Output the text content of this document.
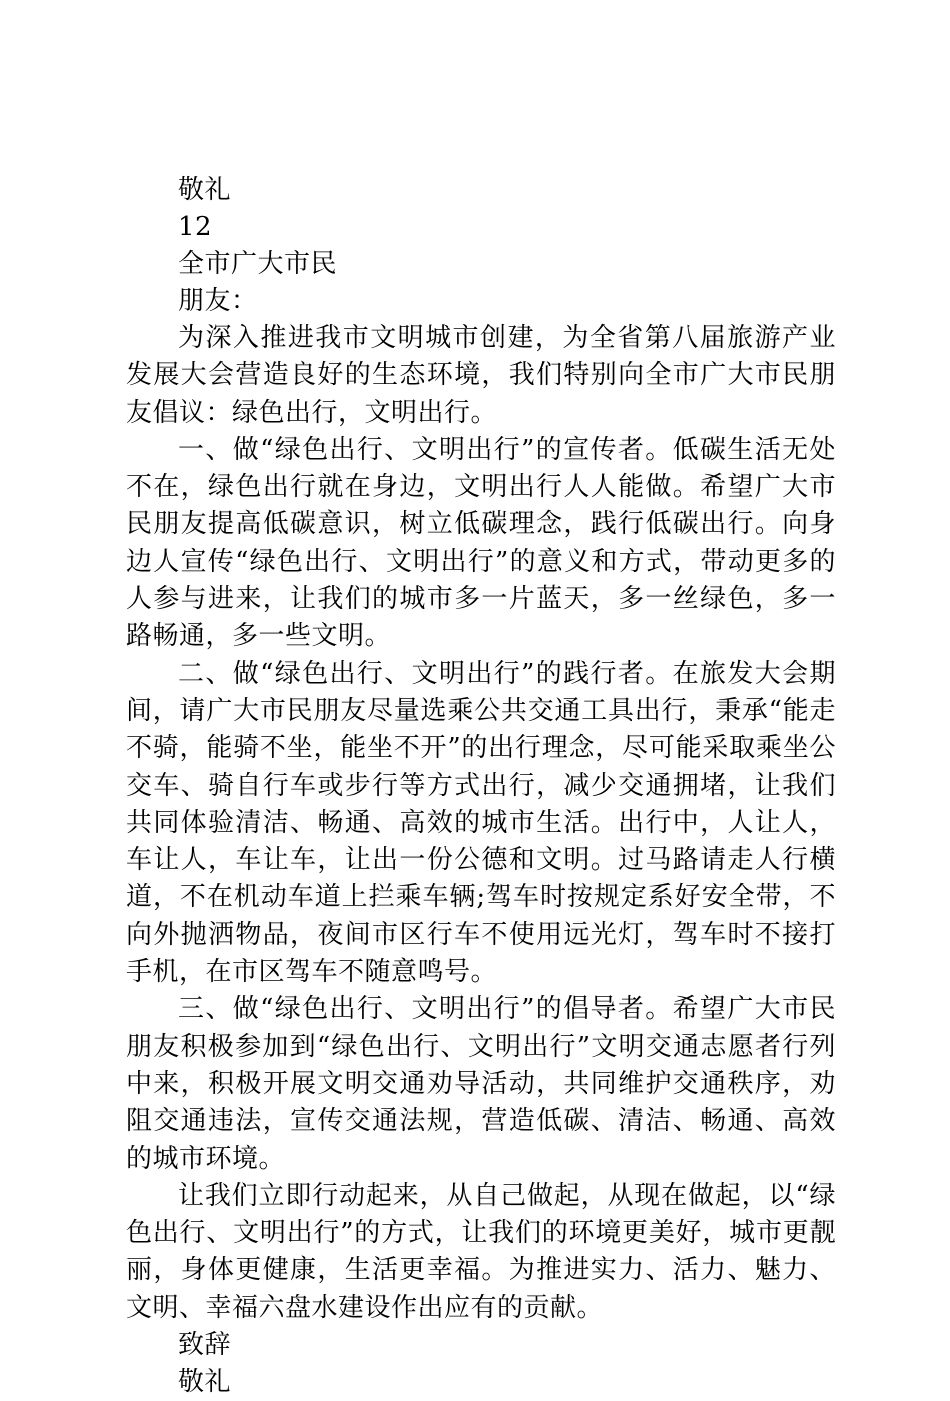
敬礼

12

全市广大市民

朋友：

为深入推进我市文明城市创建，为全省第八届旅游产业发展大会营造良好的生态环境，我们特别向全市广大市民朋友倡议：绿色出行，文明出行。

一、做“绿色出行、文明出行”的宣传者。低碳生活无处不在，绿色出行就在身边，文明出行人人能做。希望广大市民朋友提高低碳意识，树立低碳理念，践行低碳出行。向身边人宣传“绿色出行、文明出行”的意义和方式，带动更多的人参与进来，让我们的城市多一片蓝天，多一丝绿色，多一路畅通，多一些文明。

二、做“绿色出行、文明出行”的践行者。在旅发大会期间，请广大市民朋友尽量选乘公共交通工具出行，秉承“能走不骑，能骑不坐，能坐不开”的出行理念，尽可能采取乘坐公交车、骑自行车或步行等方式出行，减少交通拥堵，让我们共同体验清洁、畅通、高效的城市生活。出行中，人让人，车让人，车让车，让出一份公德和文明。过马路请走人行横道，不在机动车道上拦乘车辆;驾车时按规定系好安全带，不向外抛洒物品，夜间市区行车不使用远光灯，驾车时不接打手机，在市区驾车不随意鸣号。

三、做“绿色出行、文明出行”的倡导者。希望广大市民朋友积极参加到“绿色出行、文明出行”文明交通志愿者行列中来，积极开展文明交通劝导活动，共同维护交通秩序，劝阻交通违法，宣传交通法规，营造低碳、清洁、畅通、高效的城市环境。

让我们立即行动起来，从自己做起，从现在做起，以“绿色出行、文明出行”的方式，让我们的环境更美好，城市更靓丽，身体更健康，生活更幸福。为推进实力、活力、魅力、文明、幸福六盘水建设作出应有的贡献。

致辞

敬礼
